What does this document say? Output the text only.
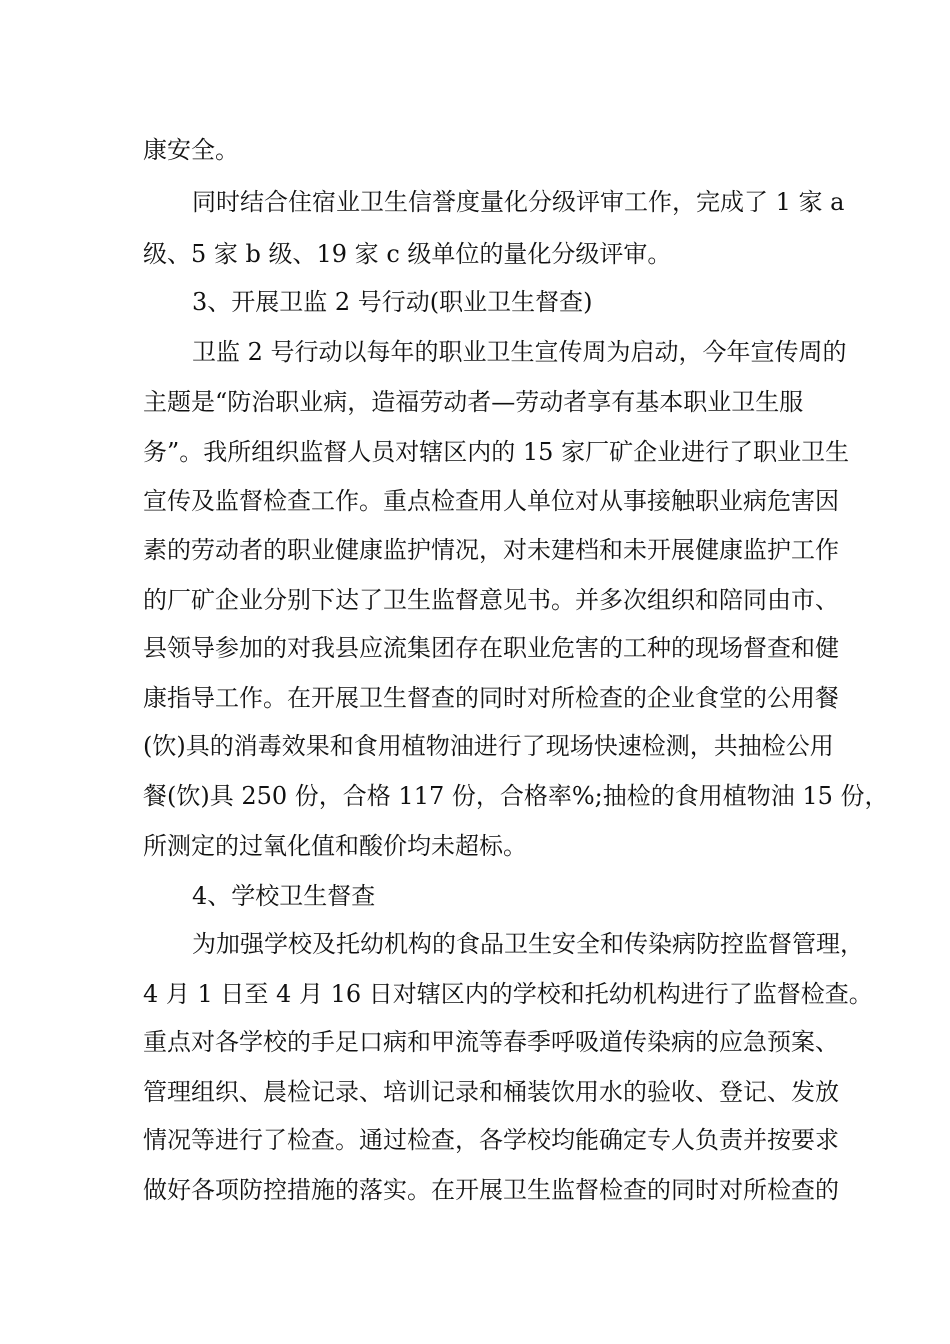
康安全。
同时结合住宿业卫生信誉度量化分级评审工作，完成了 1 家 a
级、5 家 b 级、19 家 c 级单位的量化分级评审。
3、开展卫监 2 号行动(职业卫生督查)
卫监 2 号行动以每年的职业卫生宣传周为启动，今年宣传周的
主题是“防治职业病，造福劳动者—劳动者享有基本职业卫生服
务”。我所组织监督人员对辖区内的 15 家厂矿企业进行了职业卫生
宣传及监督检查工作。重点检查用人单位对从事接触职业病危害因
素的劳动者的职业健康监护情况，对未建档和未开展健康监护工作
的厂矿企业分别下达了卫生监督意见书。并多次组织和陪同由市、
县领导参加的对我县应流集团存在职业危害的工种的现场督查和健
康指导工作。在开展卫生督查的同时对所检查的企业食堂的公用餐
(饮)具的消毒效果和食用植物油进行了现场快速检测，共抽检公用
餐(饮)具 250 份，合格 117 份，合格率%;抽检的食用植物油 15 份，
所测定的过氧化值和酸价均未超标。
4、学校卫生督查
为加强学校及托幼机构的食品卫生安全和传染病防控监督管理，
4 月 1 日至 4 月 16 日对辖区内的学校和托幼机构进行了监督检查。
重点对各学校的手足口病和甲流等春季呼吸道传染病的应急预案、
管理组织、晨检记录、培训记录和桶装饮用水的验收、登记、发放
情况等进行了检查。通过检查，各学校均能确定专人负责并按要求
做好各项防控措施的落实。在开展卫生监督检查的同时对所检查的
